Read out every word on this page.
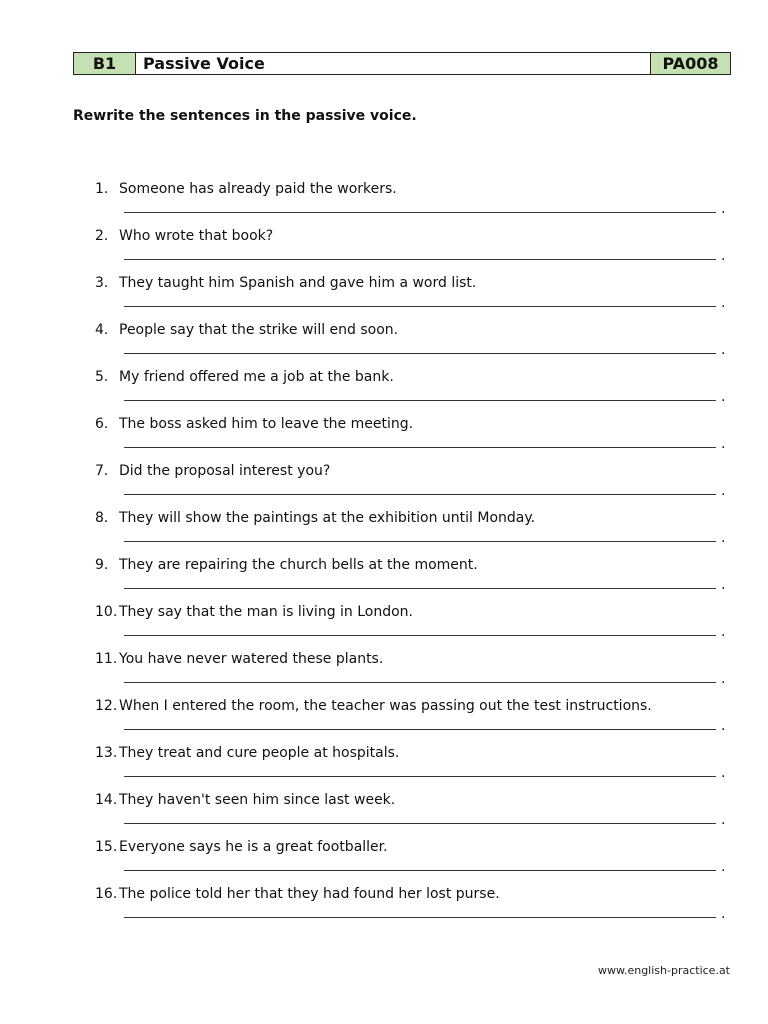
B1	Passive Voice	PA008
Rewrite the sentences in the passive voice.
1. Someone has already paid the workers.
.
2. Who wrote that book?
.
3. They taught him Spanish and gave him a word list.
.
4. People say that the strike will end soon.
.
5. My friend offered me a job at the bank.
.
6. The boss asked him to leave the meeting.
.
7. Did the proposal interest you?
.
8. They will show the paintings at the exhibition until Monday.
.
9. They are repairing the church bells at the moment.
.
10. They say that the man is living in London.
.
11. You have never watered these plants.
.
12. When I entered the room, the teacher was passing out the test instructions.
.
13. They treat and cure people at hospitals.
.
14. They haven't seen him since last week.
.
15. Everyone says he is a great footballer.
.
16. The police told her that they had found her lost purse.
.
www.english-practice.at
